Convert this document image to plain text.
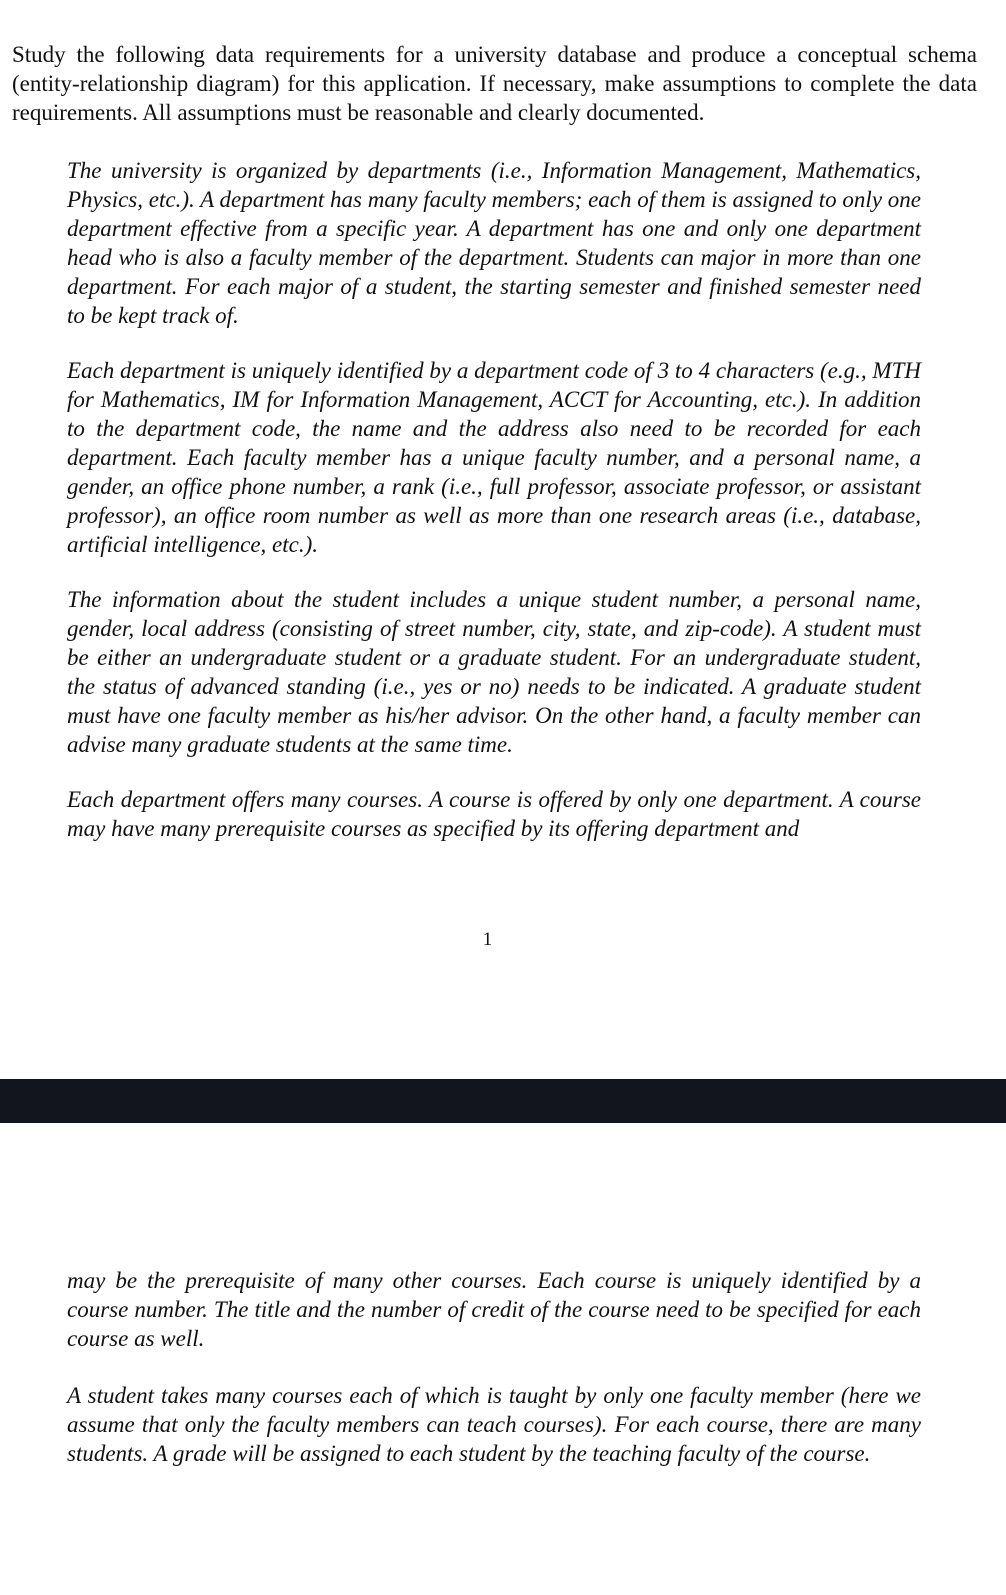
Study the following data requirements for a university database and produce a conceptual schema (entity-relationship diagram) for this application. If necessary, make assumptions to complete the data requirements. All assumptions must be reasonable and clearly documented.

The university is organized by departments (i.e., Information Management, Mathematics, Physics, etc.). A department has many faculty members; each of them is assigned to only one department effective from a specific year. A department has one and only one department head who is also a faculty member of the department. Students can major in more than one department. For each major of a student, the starting semester and finished semester need to be kept track of.

Each department is uniquely identified by a department code of 3 to 4 characters (e.g., MTH for Mathematics, IM for Information Management, ACCT for Accounting, etc.). In addition to the department code, the name and the address also need to be recorded for each department. Each faculty member has a unique faculty number, and a personal name, a gender, an office phone number, a rank (i.e., full professor, associate professor, or assistant professor), an office room number as well as more than one research areas (i.e., database, artificial intelligence, etc.).

The information about the student includes a unique student number, a personal name, gender, local address (consisting of street number, city, state, and zip-code). A student must be either an undergraduate student or a graduate student. For an undergraduate student, the status of advanced standing (i.e., yes or no) needs to be indicated. A graduate student must have one faculty member as his/her advisor. On the other hand, a faculty member can advise many graduate students at the same time.

Each department offers many courses. A course is offered by only one department. A course may have many prerequisite courses as specified by its offering department and

1

may be the prerequisite of many other courses. Each course is uniquely identified by a course number. The title and the number of credit of the course need to be specified for each course as well.

A student takes many courses each of which is taught by only one faculty member (here we assume that only the faculty members can teach courses). For each course, there are many students. A grade will be assigned to each student by the teaching faculty of the course.
